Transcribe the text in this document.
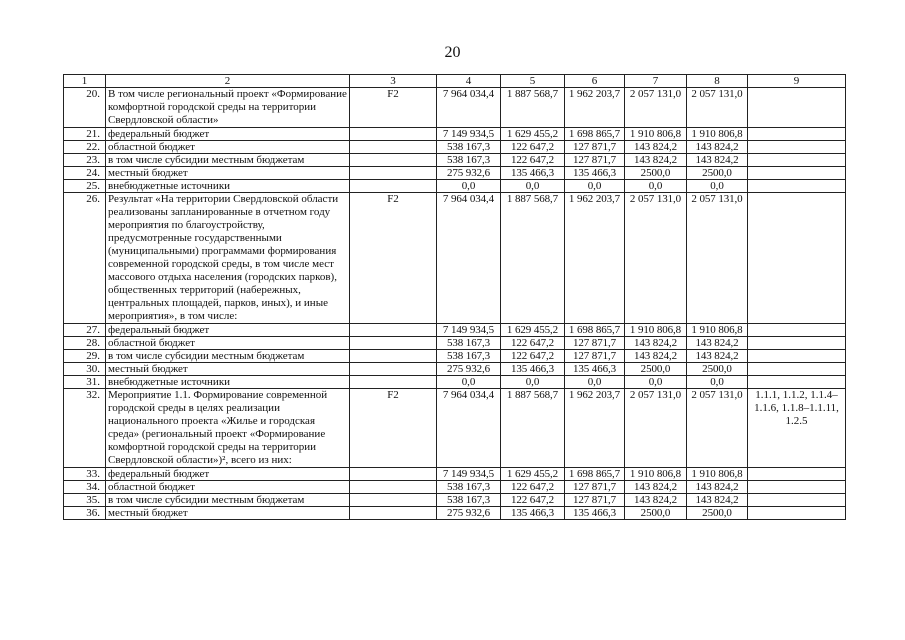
20
1	2	3	4	5	6	7	8	9
20.	В том числе региональный проект «Формирование комфортной городской среды на территории Свердловской области»	F2	7 964 034,4	1 887 568,7	1 962 203,7	2 057 131,0	2 057 131,0	
21.	федеральный бюджет		7 149 934,5	1 629 455,2	1 698 865,7	1 910 806,8	1 910 806,8	
22.	областной бюджет		538 167,3	122 647,2	127 871,7	143 824,2	143 824,2	
23.	в том числе субсидии местным бюджетам		538 167,3	122 647,2	127 871,7	143 824,2	143 824,2	
24.	местный бюджет		275 932,6	135 466,3	135 466,3	2500,0	2500,0	
25.	внебюджетные источники		0,0	0,0	0,0	0,0	0,0	
26.	Результат «На территории Свердловской области реализованы запланированные в отчетном году мероприятия по благоустройству, предусмотренные государственными (муниципальными) программами формирования современной городской среды, в том числе мест массового отдыха населения (городских парков), общественных территорий (набережных, центральных площадей, парков, иных), и иные мероприятия», в том числе:	F2	7 964 034,4	1 887 568,7	1 962 203,7	2 057 131,0	2 057 131,0	
27.	федеральный бюджет		7 149 934,5	1 629 455,2	1 698 865,7	1 910 806,8	1 910 806,8	
28.	областной бюджет		538 167,3	122 647,2	127 871,7	143 824,2	143 824,2	
29.	в том числе субсидии местным бюджетам		538 167,3	122 647,2	127 871,7	143 824,2	143 824,2	
30.	местный бюджет		275 932,6	135 466,3	135 466,3	2500,0	2500,0	
31.	внебюджетные источники		0,0	0,0	0,0	0,0	0,0	
32.	Мероприятие 1.1. Формирование современной городской среды в целях реализации национального проекта «Жилье и городская среда» (региональный проект «Формирование комфортной городской среды на территории Свердловской области»)², всего из них:	F2	7 964 034,4	1 887 568,7	1 962 203,7	2 057 131,0	2 057 131,0	1.1.1, 1.1.2, 1.1.4–1.1.6, 1.1.8–1.1.11, 1.2.5
33.	федеральный бюджет		7 149 934,5	1 629 455,2	1 698 865,7	1 910 806,8	1 910 806,8	
34.	областной бюджет		538 167,3	122 647,2	127 871,7	143 824,2	143 824,2	
35.	в том числе субсидии местным бюджетам		538 167,3	122 647,2	127 871,7	143 824,2	143 824,2	
36.	местный бюджет		275 932,6	135 466,3	135 466,3	2500,0	2500,0	
